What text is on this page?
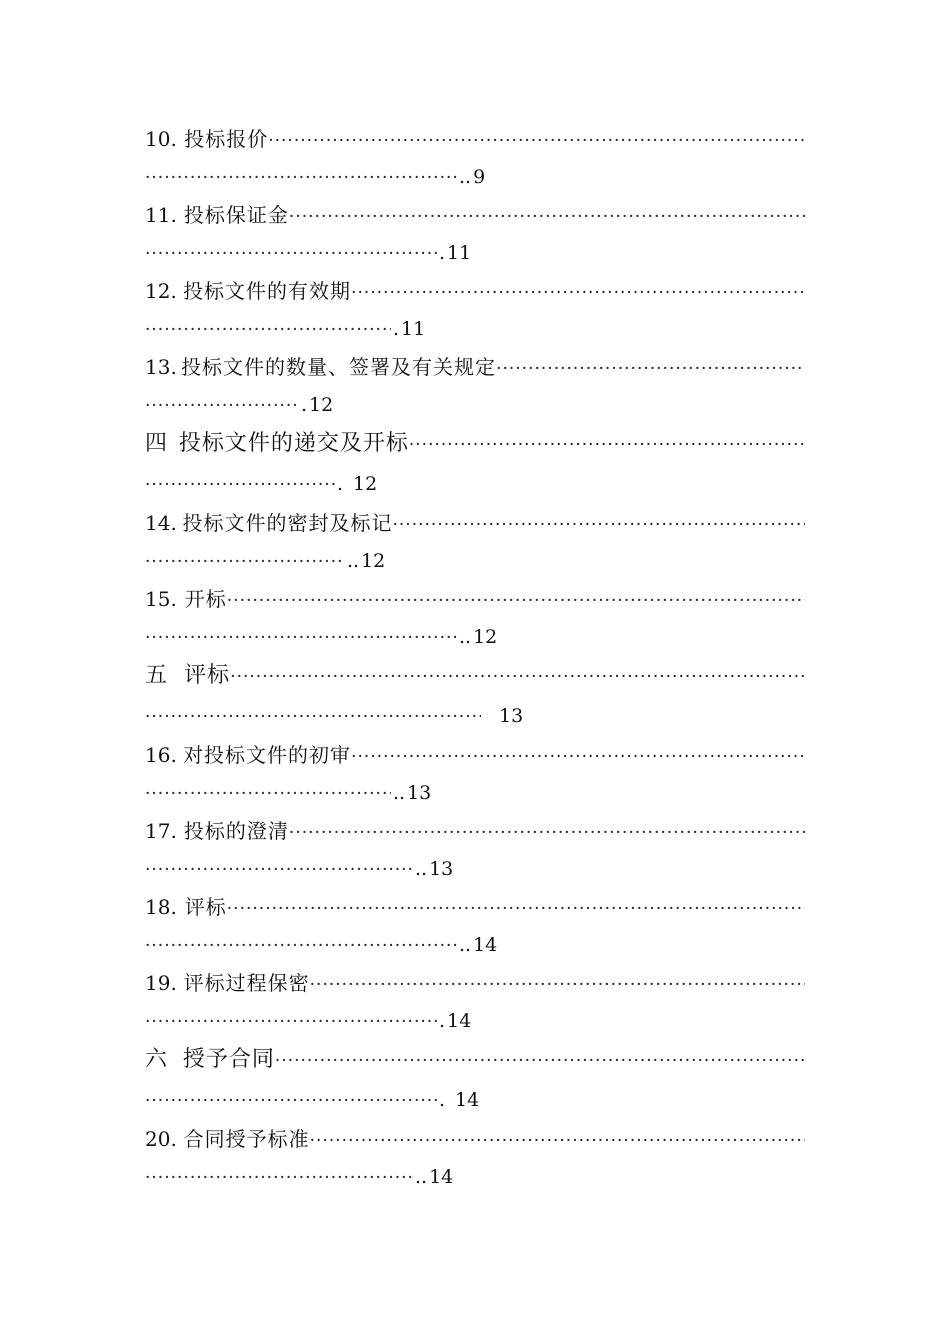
10. 投标报价
·····
·····
.. 9
11. 投标保证金
·····
·····
. 11
12. 投标文件的有效期
·····
·····
. 11
13. 投标文件的数量、签署及有关规定
·····
·····
. 12
四 投标文件的递交及开标
·····
·····
. 12
14. 投标文件的密封及标记
·····
·····
.. 12
15. 开标
·····
·····
.. 12
五 评标
·····
·····
13
16. 对投标文件的初审
·····
·····
.. 13
17. 投标的澄清
·····
·····
.. 13
18. 评标
·····
·····
.. 14
19. 评标过程保密
·····
·····
. 14
六 授予合同
·····
·····
. 14
20. 合同授予标准
·····
·····
.. 14
